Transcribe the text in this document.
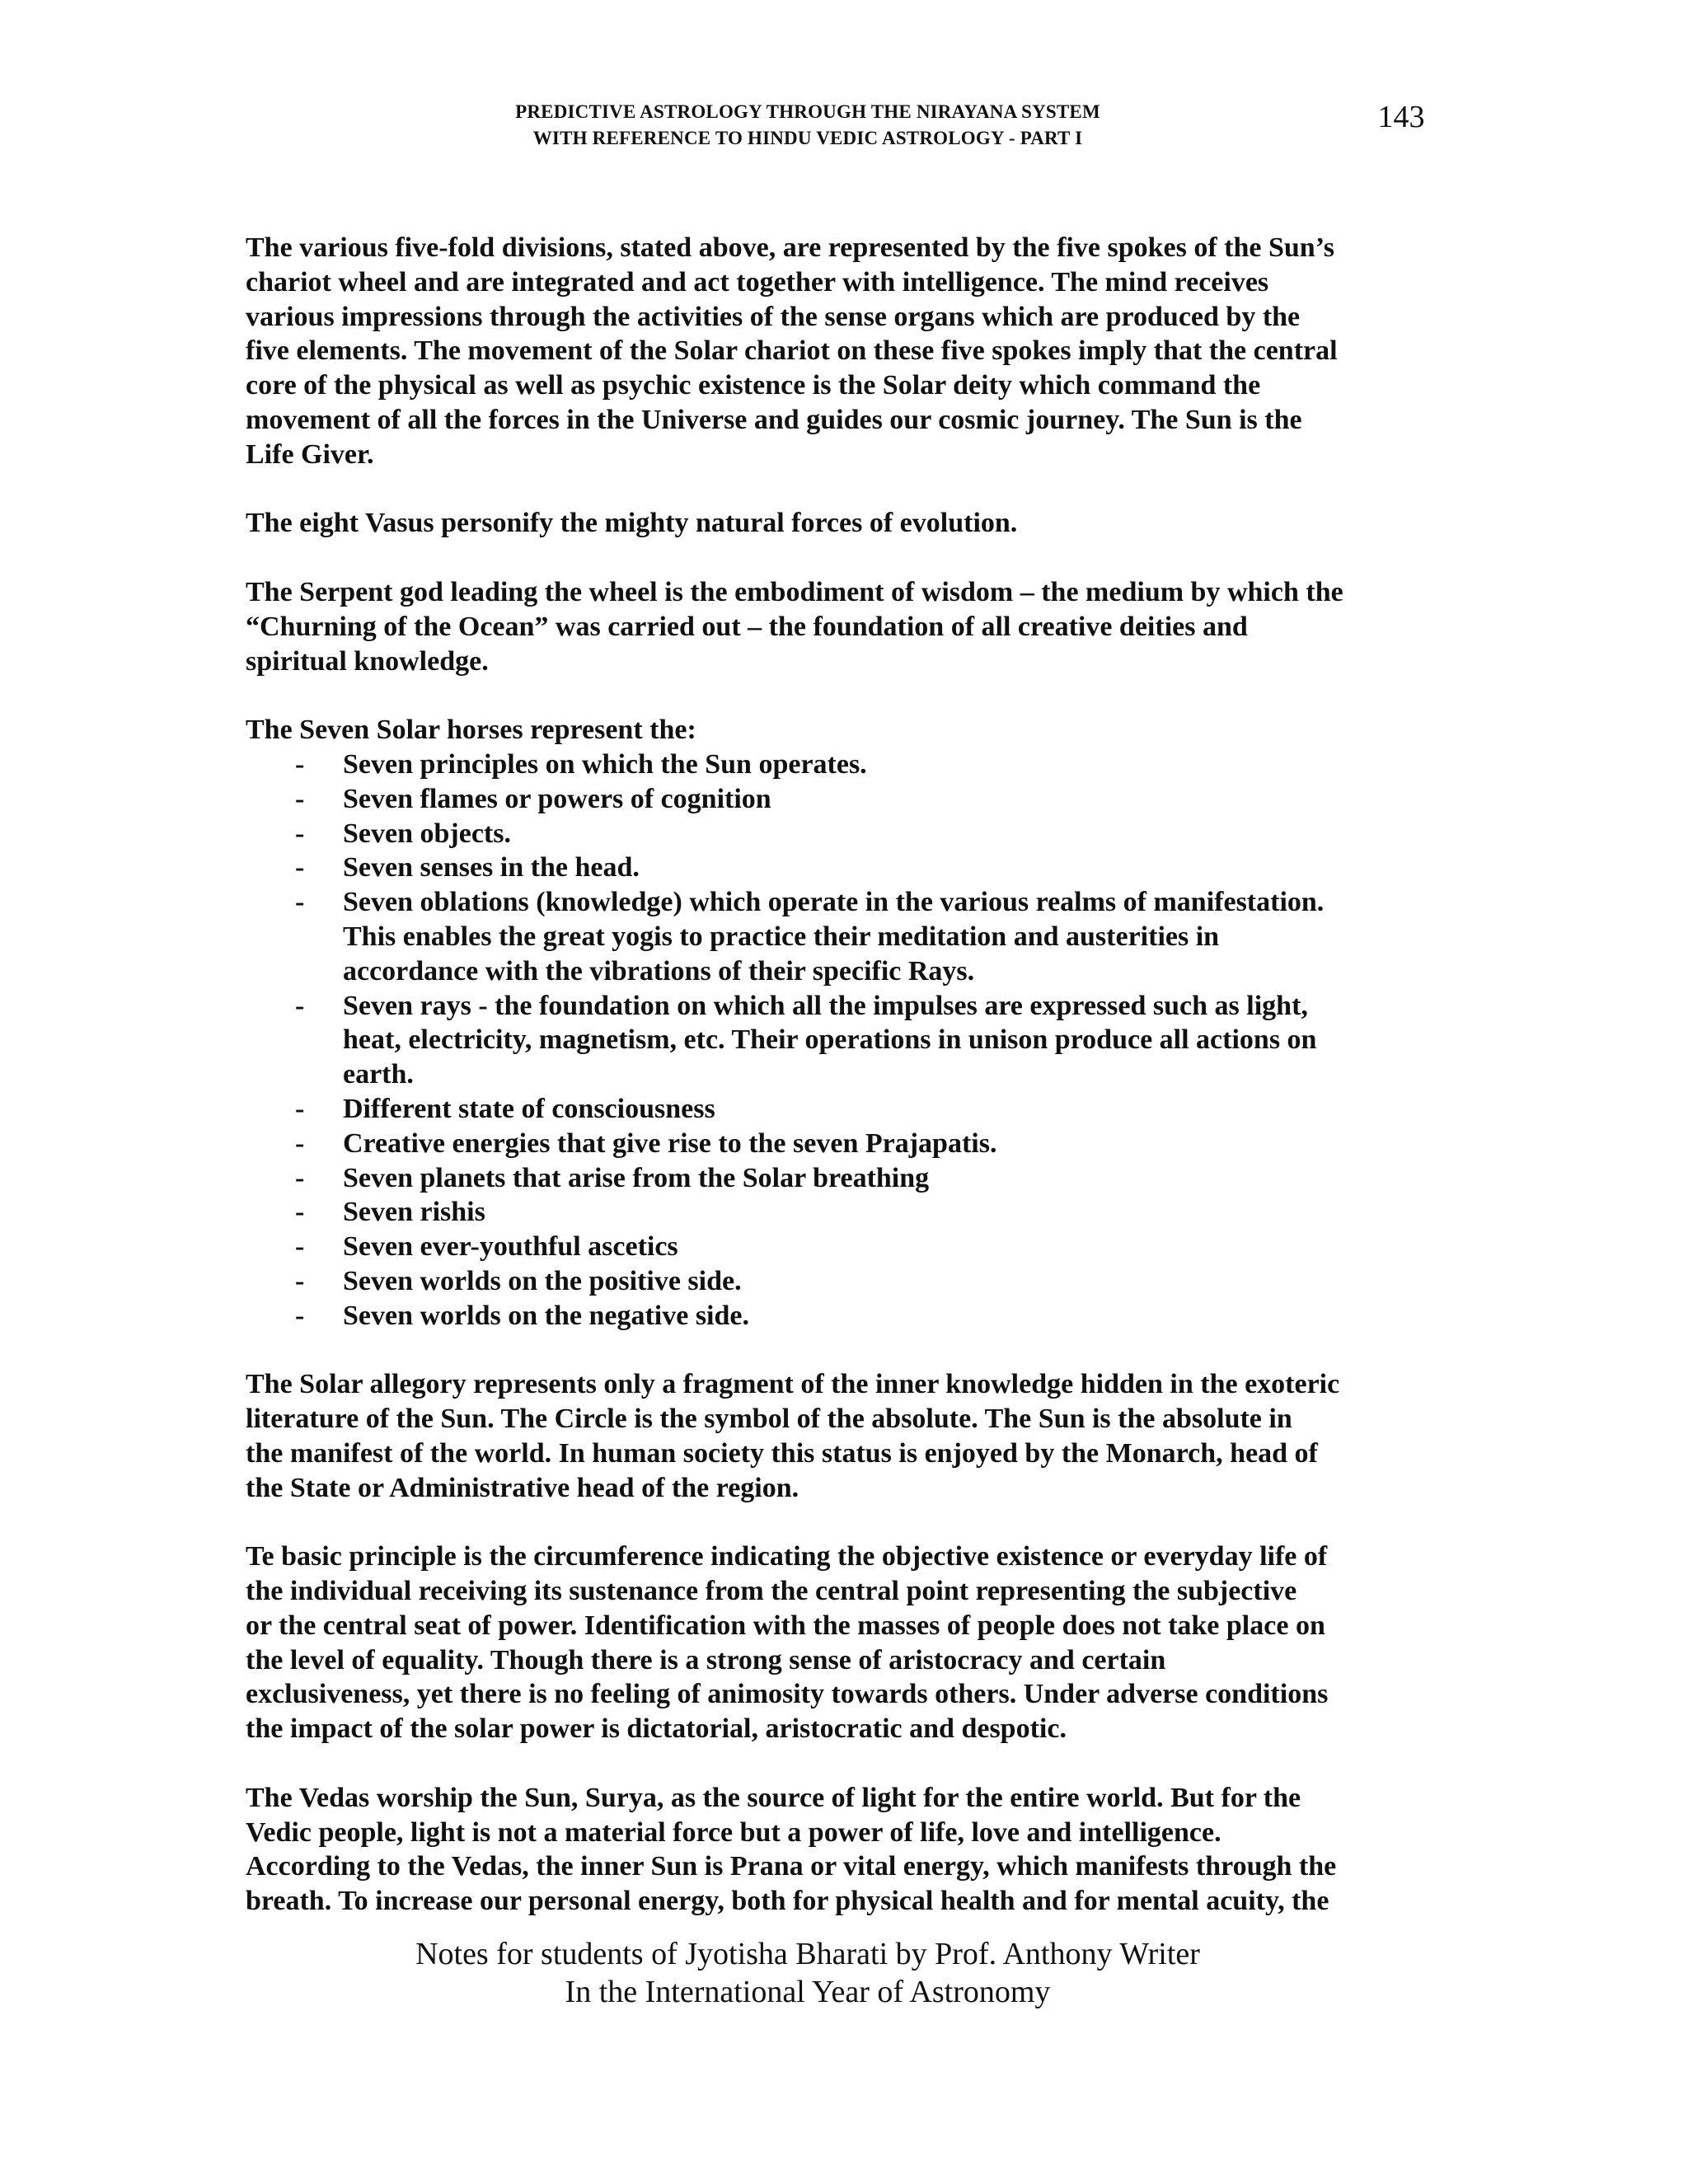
PREDICTIVE ASTROLOGY THROUGH THE NIRAYANA SYSTEM
WITH REFERENCE TO HINDU VEDIC ASTROLOGY - PART I
143
The various five-fold divisions, stated above, are represented by the five spokes of the Sun’s
chariot wheel and are integrated and act together with intelligence. The mind receives
various impressions through the activities of the sense organs which are produced by the
five elements. The movement of the Solar chariot on these five spokes imply that the central
core of the physical as well as psychic existence is the Solar deity which command the
movement of all the forces in the Universe and guides our cosmic journey. The Sun is the
Life Giver.
The eight Vasus personify the mighty natural forces of evolution.
The Serpent god leading the wheel is the embodiment of wisdom – the medium by which the
“Churning of the Ocean” was carried out – the foundation of all creative deities and
spiritual knowledge.
The Seven Solar horses represent the:
- Seven principles on which the Sun operates.
- Seven flames or powers of cognition
- Seven objects.
- Seven senses in the head.
- Seven oblations (knowledge) which operate in the various realms of manifestation.
This enables the great yogis to practice their meditation and austerities in
accordance with the vibrations of their specific Rays.
- Seven rays - the foundation on which all the impulses are expressed such as light,
heat, electricity, magnetism, etc. Their operations in unison produce all actions on
earth.
- Different state of consciousness
- Creative energies that give rise to the seven Prajapatis.
- Seven planets that arise from the Solar breathing
- Seven rishis
- Seven ever-youthful ascetics
- Seven worlds on the positive side.
- Seven worlds on the negative side.
The Solar allegory represents only a fragment of the inner knowledge hidden in the exoteric
literature of the Sun. The Circle is the symbol of the absolute. The Sun is the absolute in
the manifest of the world. In human society this status is enjoyed by the Monarch, head of
the State or Administrative head of the region.
Te basic principle is the circumference indicating the objective existence or everyday life of
the individual receiving its sustenance from the central point representing the subjective
or the central seat of power. Identification with the masses of people does not take place on
the level of equality. Though there is a strong sense of aristocracy and certain
exclusiveness, yet there is no feeling of animosity towards others. Under adverse conditions
the impact of the solar power is dictatorial, aristocratic and despotic.
The Vedas worship the Sun, Surya, as the source of light for the entire world. But for the
Vedic people, light is not a material force but a power of life, love and intelligence.
According to the Vedas, the inner Sun is Prana or vital energy, which manifests through the
breath. To increase our personal energy, both for physical health and for mental acuity, the
Notes for students of Jyotisha Bharati by Prof. Anthony Writer
In the International Year of Astronomy
